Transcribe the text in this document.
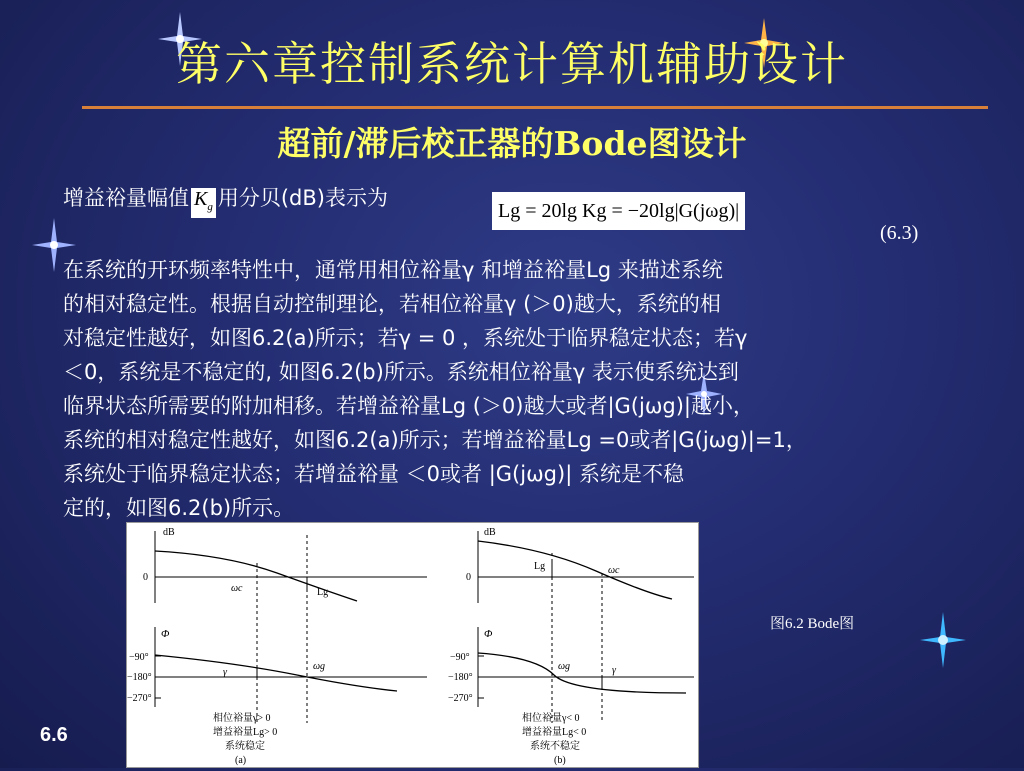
第六章控制系统计算机辅助设计
超前/滞后校正器的Bode图设计
增益裕量幅值 $K_g$ 用分贝(dB)表示为
Lg = 20lg Kg = −20lg|G(jωg)|
(6.3)
在系统的开环频率特性中，通常用相位裕量γ 和增益裕量Lg 来描述系统
的相对稳定性。根据自动控制理论，若相位裕量γ (＞0)越大，系统的相
对稳定性越好，如图6.2(a)所示；若γ = 0 ，系统处于临界稳定状态；若γ
＜0，系统是不稳定的, 如图6.2(b)所示。系统相位裕量γ 表示使系统达到
临界状态所需要的附加相移。若增益裕量Lg (＞0)越大或者|G(jωg)|越小，
系统的相对稳定性越好，如图6.2(a)所示；若增益裕量Lg =0或者|G(jωg)|=1，
系统处于临界稳定状态；若增益裕量 ＜0或者 |G(jωg)| 系统是不稳
定的，如图6.2(b)所示。
dB
0
ωc	Lg
Φ
−90°
−180°
−270°
γ
ωg
相位裕量γ> 0
增益裕量Lg> 0
系统稳定
(a)
dB
0
Lg	ωc
Φ
−90°
−180°
−270°
ωg	γ
相位裕量γ< 0
增益裕量Lg< 0
系统不稳定
(b)
图6.2 Bode图
6.6
